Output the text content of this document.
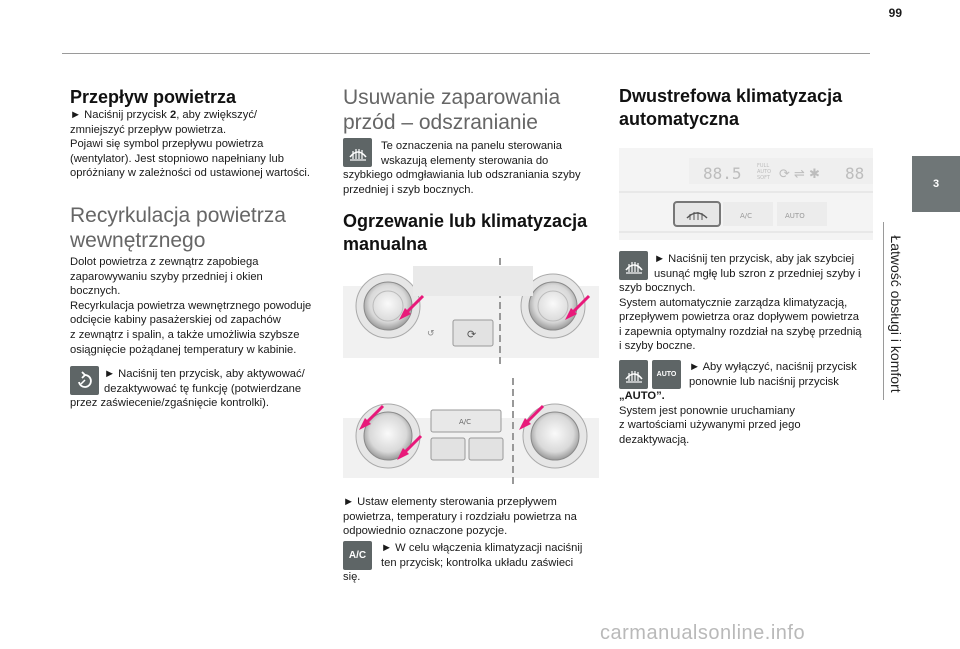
99
3
Łatwość obsługi i komfort
Przepływ powietrza
► Naciśnij przycisk 2, aby zwiększyć/
zmniejszyć przepływ powietrza.
Pojawi się symbol przepływu powietrza
(wentylator). Jest stopniowo napełniany lub
opróżniany w zależności od ustawionej wartości.
Recyrkulacja powietrza
wewnętrznego
Dolot powietrza z zewnątrz zapobiega
zaparowywaniu szyby przedniej i okien
bocznych.
Recyrkulacja powietrza wewnętrznego powoduje
odcięcie kabiny pasażerskiej od zapachów
z zewnątrz i spalin, a także umożliwia szybsze
osiągnięcie pożądanej temperatury w kabinie.
► Naciśnij ten przycisk, aby aktywować/
dezaktywować tę funkcję (potwierdzane
przez zaświecenie/zgaśnięcie kontrolki).
Usuwanie zaparowania
przód – odszranianie
Te oznaczenia na panelu sterowania
wskazują elementy sterowania do
szybkiego odmgławiania lub odszraniania szyby
przedniej i szyb bocznych.
Ogrzewanie lub klimatyzacja
manualna
↺	⟳
A/C
► Ustaw elementy sterowania przepływem
powietrza, temperatury i rozdziału powietrza na
odpowiednio oznaczone pozycje.
A/C
► W celu włączenia klimatyzacji naciśnij
ten przycisk; kontrolka układu zaświeci
się.
Dwustrefowa klimatyzacja
automatyczna
88.5	FULL
AUTO
SOFT ⟳ ⇌ ✱ 88
A/C	AUTO
► Naciśnij ten przycisk, aby jak szybciej
usunąć mgłę lub szron z przedniej szyby i
szyb bocznych.
System automatycznie zarządza klimatyzacją,
przepływem powietrza oraz dopływem powietrza
i zapewnia optymalny rozdział na szybę przednią
i szyby boczne.
AUTO
► Aby wyłączyć, naciśnij przycisk
ponownie lub naciśnij przycisk
„AUTO”.
System jest ponownie uruchamiany
z wartościami używanymi przed jego
dezaktywacją.
carmanualsonline.info
